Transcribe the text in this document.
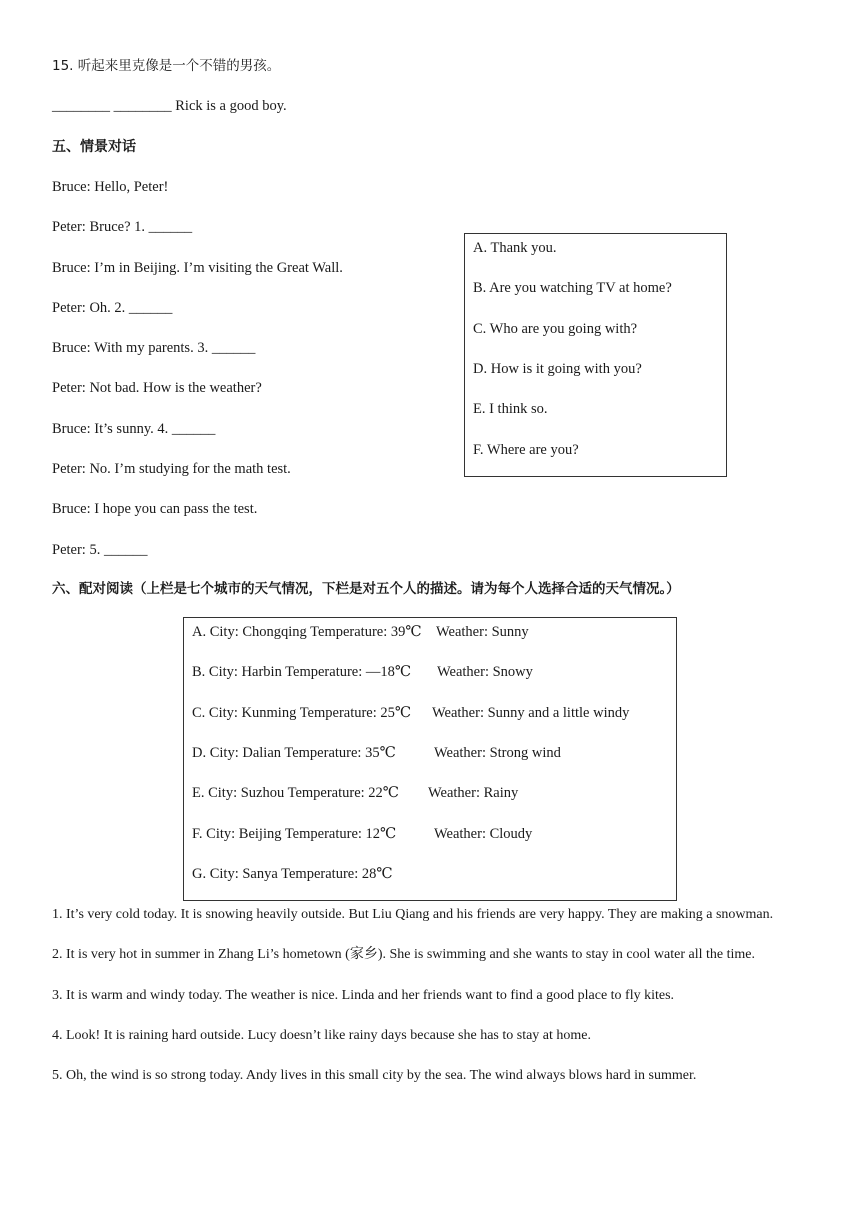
15. 听起来里克像是一个不错的男孩。
________ ________ Rick is a good boy.
五、情景对话
Bruce: Hello, Peter!
Peter: Bruce? 1. ______
Bruce: I’m in Beijing. I’m visiting the Great Wall.
Peter: Oh. 2. ______
Bruce: With my parents. 3. ______
Peter: Not bad. How is the weather?
Bruce: It’s sunny. 4. ______
Peter: No. I’m studying for the math test.
Bruce: I hope you can pass the test.
Peter: 5. ______
A. Thank you.
B. Are you watching TV at home?
C. Who are you going with?
D. How is it going with you?
E. I think so.
F. Where are you?
六、配对阅读（上栏是七个城市的天气情况，下栏是对五个人的描述。请为每个人选择合适的天气情况。）
A. City: Chongqing Temperature: 39℃ Weather: Sunny
B. City: Harbin Temperature: —18℃ Weather: Snowy
C. City: Kunming Temperature: 25℃ Weather: Sunny and a little windy
D. City: Dalian Temperature: 35℃	Weather: Strong wind
E. City: Suzhou Temperature: 22℃ Weather: Rainy
F. City: Beijing Temperature: 12℃	Weather: Cloudy
G. City: Sanya Temperature: 28℃
1. It’s very cold today. It is snowing heavily outside. But Liu Qiang and his friends are very happy. They are making a snowman.
2. It is very hot in summer in Zhang Li’s hometown (家乡). She is swimming and she wants to stay in cool water all the time.
3. It is warm and windy today. The weather is nice. Linda and her friends want to find a good place to fly kites.
4. Look! It is raining hard outside. Lucy doesn’t like rainy days because she has to stay at home.
5. Oh, the wind is so strong today. Andy lives in this small city by the sea. The wind always blows hard in summer.
